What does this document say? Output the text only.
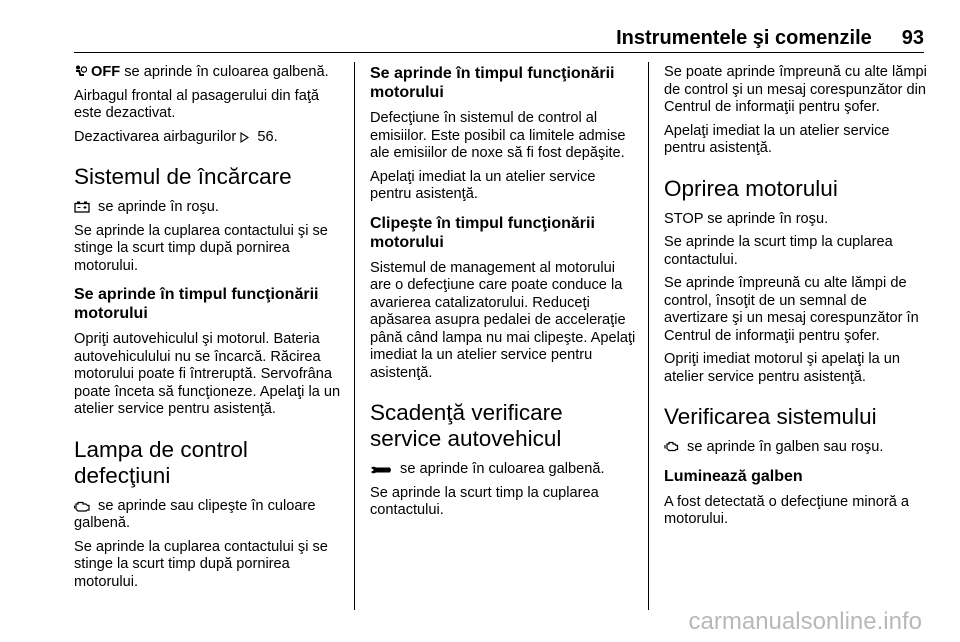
Instrumentele şi comenzile 93

OFF se aprinde în culoarea galbenă.

Airbagul frontal al pasagerului din faţă este dezactivat.

Dezactivarea airbagurilor  56.

Sistemul de încărcare

se aprinde în roşu.

Se aprinde la cuplarea contactului şi se stinge la scurt timp după pornirea motorului.

Se aprinde în timpul funcţionării motorului

Opriţi autovehiculul şi motorul. Bateria autovehiculului nu se încarcă. Răcirea motorului poate fi întreruptă. Servofrâna poate înceta să funcţioneze. Apelaţi la un atelier service pentru asistenţă.

Lampa de control defecţiuni

se aprinde sau clipeşte în culoare galbenă.

Se aprinde la cuplarea contactului şi se stinge la scurt timp după pornirea motorului.

Se aprinde în timpul funcţionării motorului

Defecţiune în sistemul de control al emisiilor. Este posibil ca limitele admise ale emisiilor de noxe să fi fost depăşite.

Apelaţi imediat la un atelier service pentru asistenţă.

Clipeşte în timpul funcţionării motorului

Sistemul de management al motorului are o defecţiune care poate conduce la avarierea catalizatorului. Reduceţi apăsarea asupra pedalei de acceleraţie până când lampa nu mai clipeşte. Apelaţi imediat la un atelier service pentru asistenţă.

Scadenţă verificare service autovehicul

se aprinde în culoarea galbenă.

Se aprinde la scurt timp la cuplarea contactului.

Se poate aprinde împreună cu alte lămpi de control şi un mesaj corespunzător din Centrul de informaţii pentru şofer.

Apelaţi imediat la un atelier service pentru asistenţă.

Oprirea motorului

STOP se aprinde în roşu.

Se aprinde la scurt timp la cuplarea contactului.

Se aprinde împreună cu alte lămpi de control, însoţit de un semnal de avertizare şi un mesaj corespunzător în Centrul de informaţii pentru şofer.

Opriţi imediat motorul şi apelaţi la un atelier service pentru asistenţă.

Verificarea sistemului

se aprinde în galben sau roşu.

Luminează galben

A fost detectată o defecţiune minoră a motorului.

carmanualsonline.info
